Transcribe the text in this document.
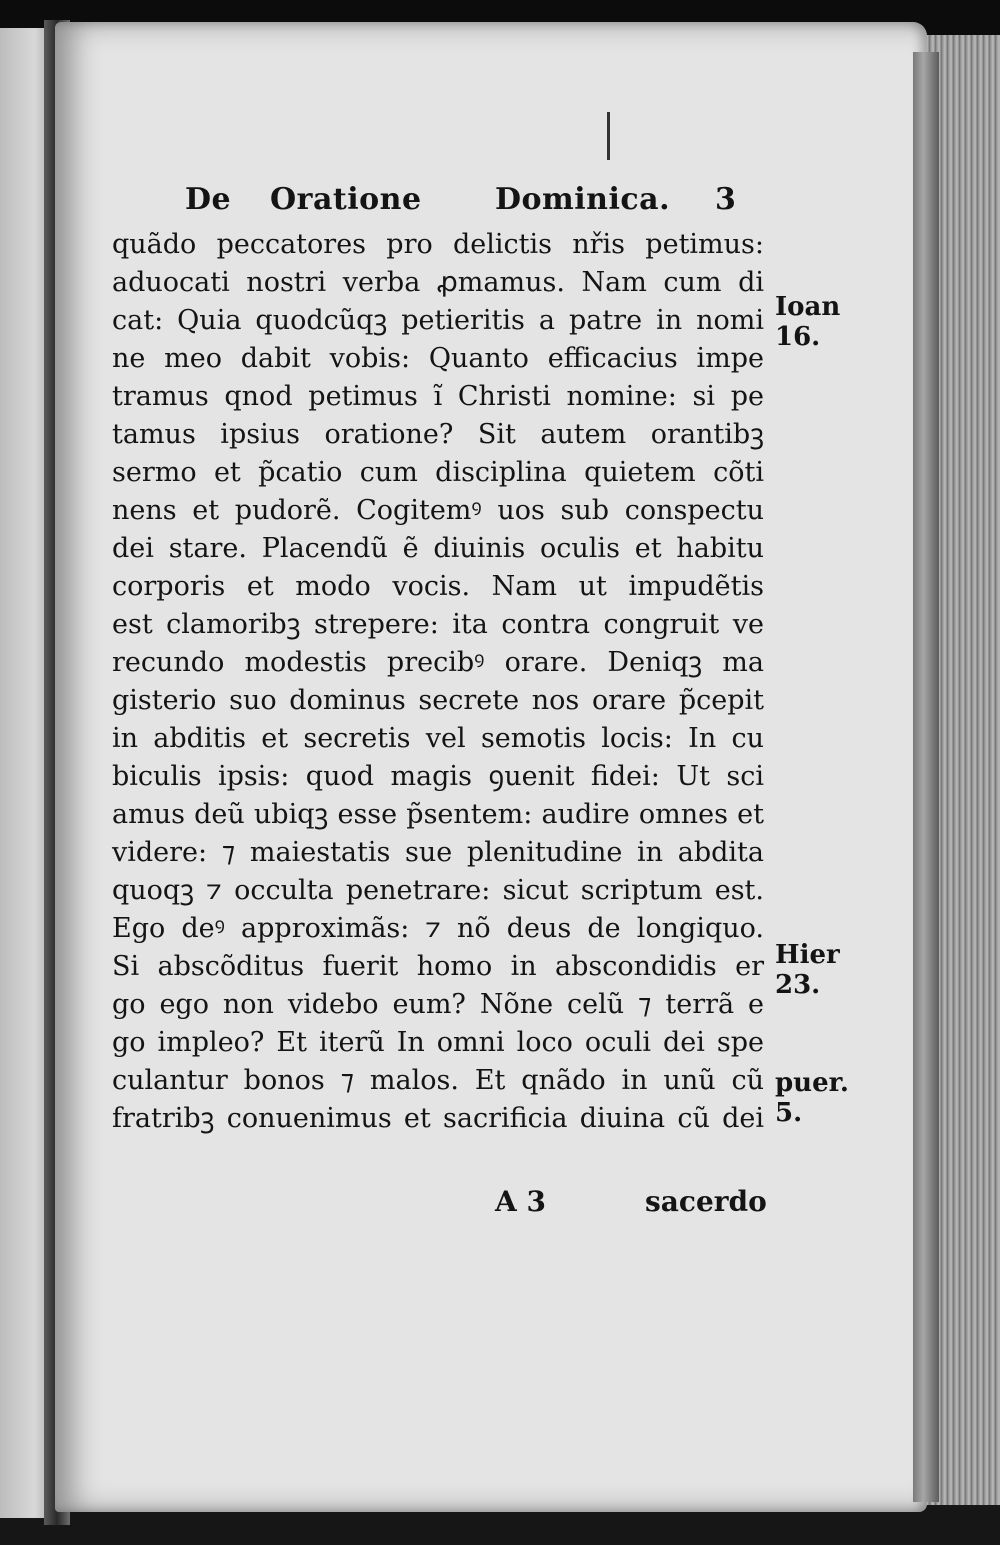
De Oratione Dominica. 3
quãdo peccatores pro delictis nřis petimus:
aduocati nostri verba ꝓmamus. Nam cum di
cat: Quia quodcũqꝫ petieritis a patre in nomi
ne meo dabit vobis: Quanto efficacius impe
tramus qnod petimus ĩ Christi nomine: si pe
tamus ipsius oratione? Sit autem orantibꝫ
sermo et p̃catio cum disciplina quietem cõti
nens et pudorẽ. Cogitemꝰ uos sub conspectu
dei stare. Placendũ ẽ diuinis oculis et habitu
corporis et modo vocis. Nam ut impudẽtis
est clamoribꝫ strepere: ita contra congruit ve
recundo modestis precibꝰ orare. Deniqꝫ ma
gisterio suo dominus secrete nos orare p̃cepit
in abditis et secretis vel semotis locis: In cu
biculis ipsis: quod magis ꝯuenit fidei: Ut sci
amus deũ ubiqꝫ esse p̃sentem: audire omnes et
videre: ⁊ maiestatis sue plenitudine in abdita
quoqꝫ ⁊ occulta penetrare: sicut scriptum est.
Ego deꝰ approximãs: ⁊ nõ deus de longiquo.
Si abscõditus fuerit homo in abscondidis er
go ego non videbo eum? Nõne celũ ⁊ terrã e
go impleo? Et iterũ In omni loco oculi dei spe
culantur bonos ⁊ malos. Et qnãdo in unũ cũ
fratribꝫ conuenimus et sacrificia diuina cũ dei
Ioan
16.
Hier
23.
puer.
5.
A 3	sacerdo
